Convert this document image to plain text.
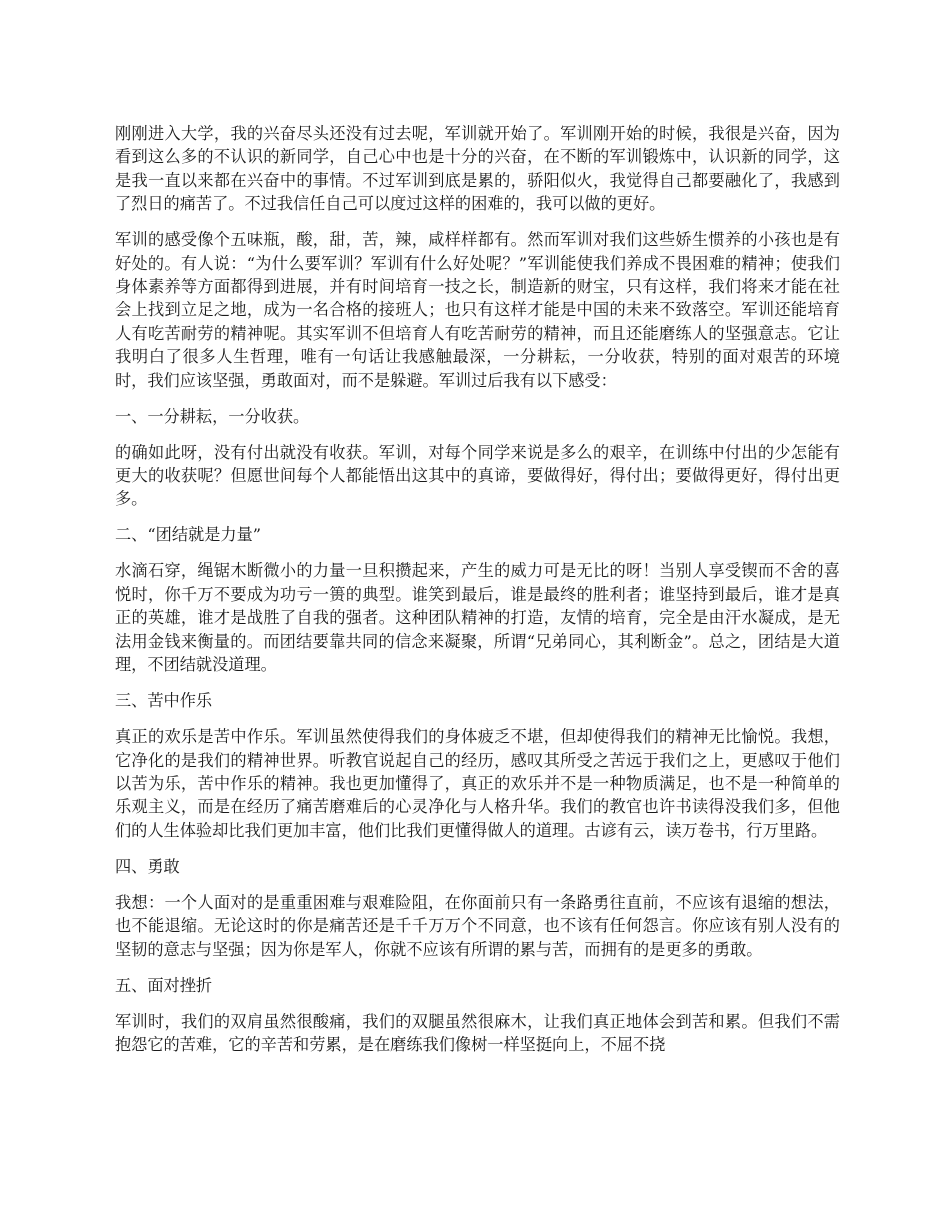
刚刚进入大学，我的兴奋尽头还没有过去呢，军训就开始了。军训刚开始的时候，我很是兴奋，因为看到这么多的不认识的新同学，自己心中也是十分的兴奋，在不断的军训锻炼中，认识新的同学，这是我一直以来都在兴奋中的事情。不过军训到底是累的，骄阳似火，我觉得自己都要融化了，我感到了烈日的痛苦了。不过我信任自己可以度过这样的困难的，我可以做的更好。

军训的感受像个五味瓶，酸，甜，苦，辣，咸样样都有。然而军训对我们这些娇生惯养的小孩也是有好处的。有人说：“为什么要军训？军训有什么好处呢？”军训能使我们养成不畏困难的精神；使我们身体素养等方面都得到进展，并有时间培育一技之长，制造新的财宝，只有这样，我们将来才能在社会上找到立足之地，成为一名合格的接班人；也只有这样才能是中国的未来不致落空。军训还能培育人有吃苦耐劳的精神呢。其实军训不但培育人有吃苦耐劳的精神，而且还能磨练人的坚强意志。它让我明白了很多人生哲理，唯有一句话让我感触最深，一分耕耘，一分收获，特别的面对艰苦的环境时，我们应该坚强，勇敢面对，而不是躲避。军训过后我有以下感受：

一、一分耕耘，一分收获。

的确如此呀，没有付出就没有收获。军训，对每个同学来说是多么的艰辛，在训练中付出的少怎能有更大的收获呢？但愿世间每个人都能悟出这其中的真谛，要做得好，得付出；要做得更好，得付出更多。

二、“团结就是力量”

水滴石穿，绳锯木断微小的力量一旦积攒起来，产生的威力可是无比的呀！当别人享受锲而不舍的喜悦时，你千万不要成为功亏一篑的典型。谁笑到最后，谁是最终的胜利者；谁坚持到最后，谁才是真正的英雄，谁才是战胜了自我的强者。这种团队精神的打造，友情的培育，完全是由汗水凝成，是无法用金钱来衡量的。而团结要靠共同的信念来凝聚，所谓“兄弟同心，其利断金”。总之，团结是大道理，不团结就没道理。

三、苦中作乐

真正的欢乐是苦中作乐。军训虽然使得我们的身体疲乏不堪，但却使得我们的精神无比愉悦。我想，它净化的是我们的精神世界。听教官说起自己的经历，感叹其所受之苦远于我们之上，更感叹于他们以苦为乐，苦中作乐的精神。我也更加懂得了，真正的欢乐并不是一种物质满足，也不是一种简单的乐观主义，而是在经历了痛苦磨难后的心灵净化与人格升华。我们的教官也许书读得没我们多，但他们的人生体验却比我们更加丰富，他们比我们更懂得做人的道理。古谚有云，读万卷书，行万里路。

四、勇敢

我想：一个人面对的是重重困难与艰难险阻，在你面前只有一条路勇往直前，不应该有退缩的想法，也不能退缩。无论这时的你是痛苦还是千千万万个不同意，也不该有任何怨言。你应该有别人没有的坚韧的意志与坚强；因为你是军人，你就不应该有所谓的累与苦，而拥有的是更多的勇敢。

五、面对挫折

军训时，我们的双肩虽然很酸痛，我们的双腿虽然很麻木，让我们真正地体会到苦和累。但我们不需抱怨它的苦难，它的辛苦和劳累，是在磨练我们像树一样坚挺向上，不屈不挠
